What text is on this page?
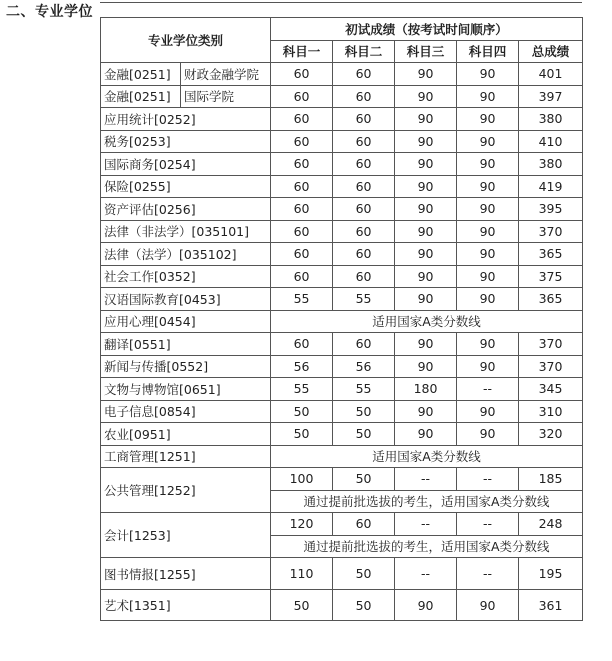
二、专业学位
专业学位类别		初试成绩（按考试时间顺序）				
		科目一	科目二	科目三	科目四	总成绩
金融[0251]	财政金融学院	60	60	90	90	401
金融[0251]	国际学院	60	60	90	90	397
应用统计[0252]		60	60	90	90	380
税务[0253]		60	60	90	90	410
国际商务[0254]		60	60	90	90	380
保险[0255]		60	60	90	90	419
资产评估[0256]		60	60	90	90	395
法律（非法学）[035101]		60	60	90	90	370
法律（法学）[035102]		60	60	90	90	365
社会工作[0352]		60	60	90	90	375
汉语国际教育[0453]		55	55	90	90	365
应用心理[0454]		适用国家A类分数线				
翻译[0551]		60	60	90	90	370
新闻与传播[0552]		56	56	90	90	370
文物与博物馆[0651]		55	55	180	--	345
电子信息[0854]		50	50	90	90	310
农业[0951]		50	50	90	90	320
工商管理[1251]		适用国家A类分数线				
公共管理[1252]		100	50	--	--	185
		通过提前批选拔的考生，适用国家A类分数线				
会计[1253]		120	60	--	--	248
		通过提前批选拔的考生，适用国家A类分数线				
图书情报[1255]		110	50	--	--	195
艺术[1351]		50	50	90	90	361
